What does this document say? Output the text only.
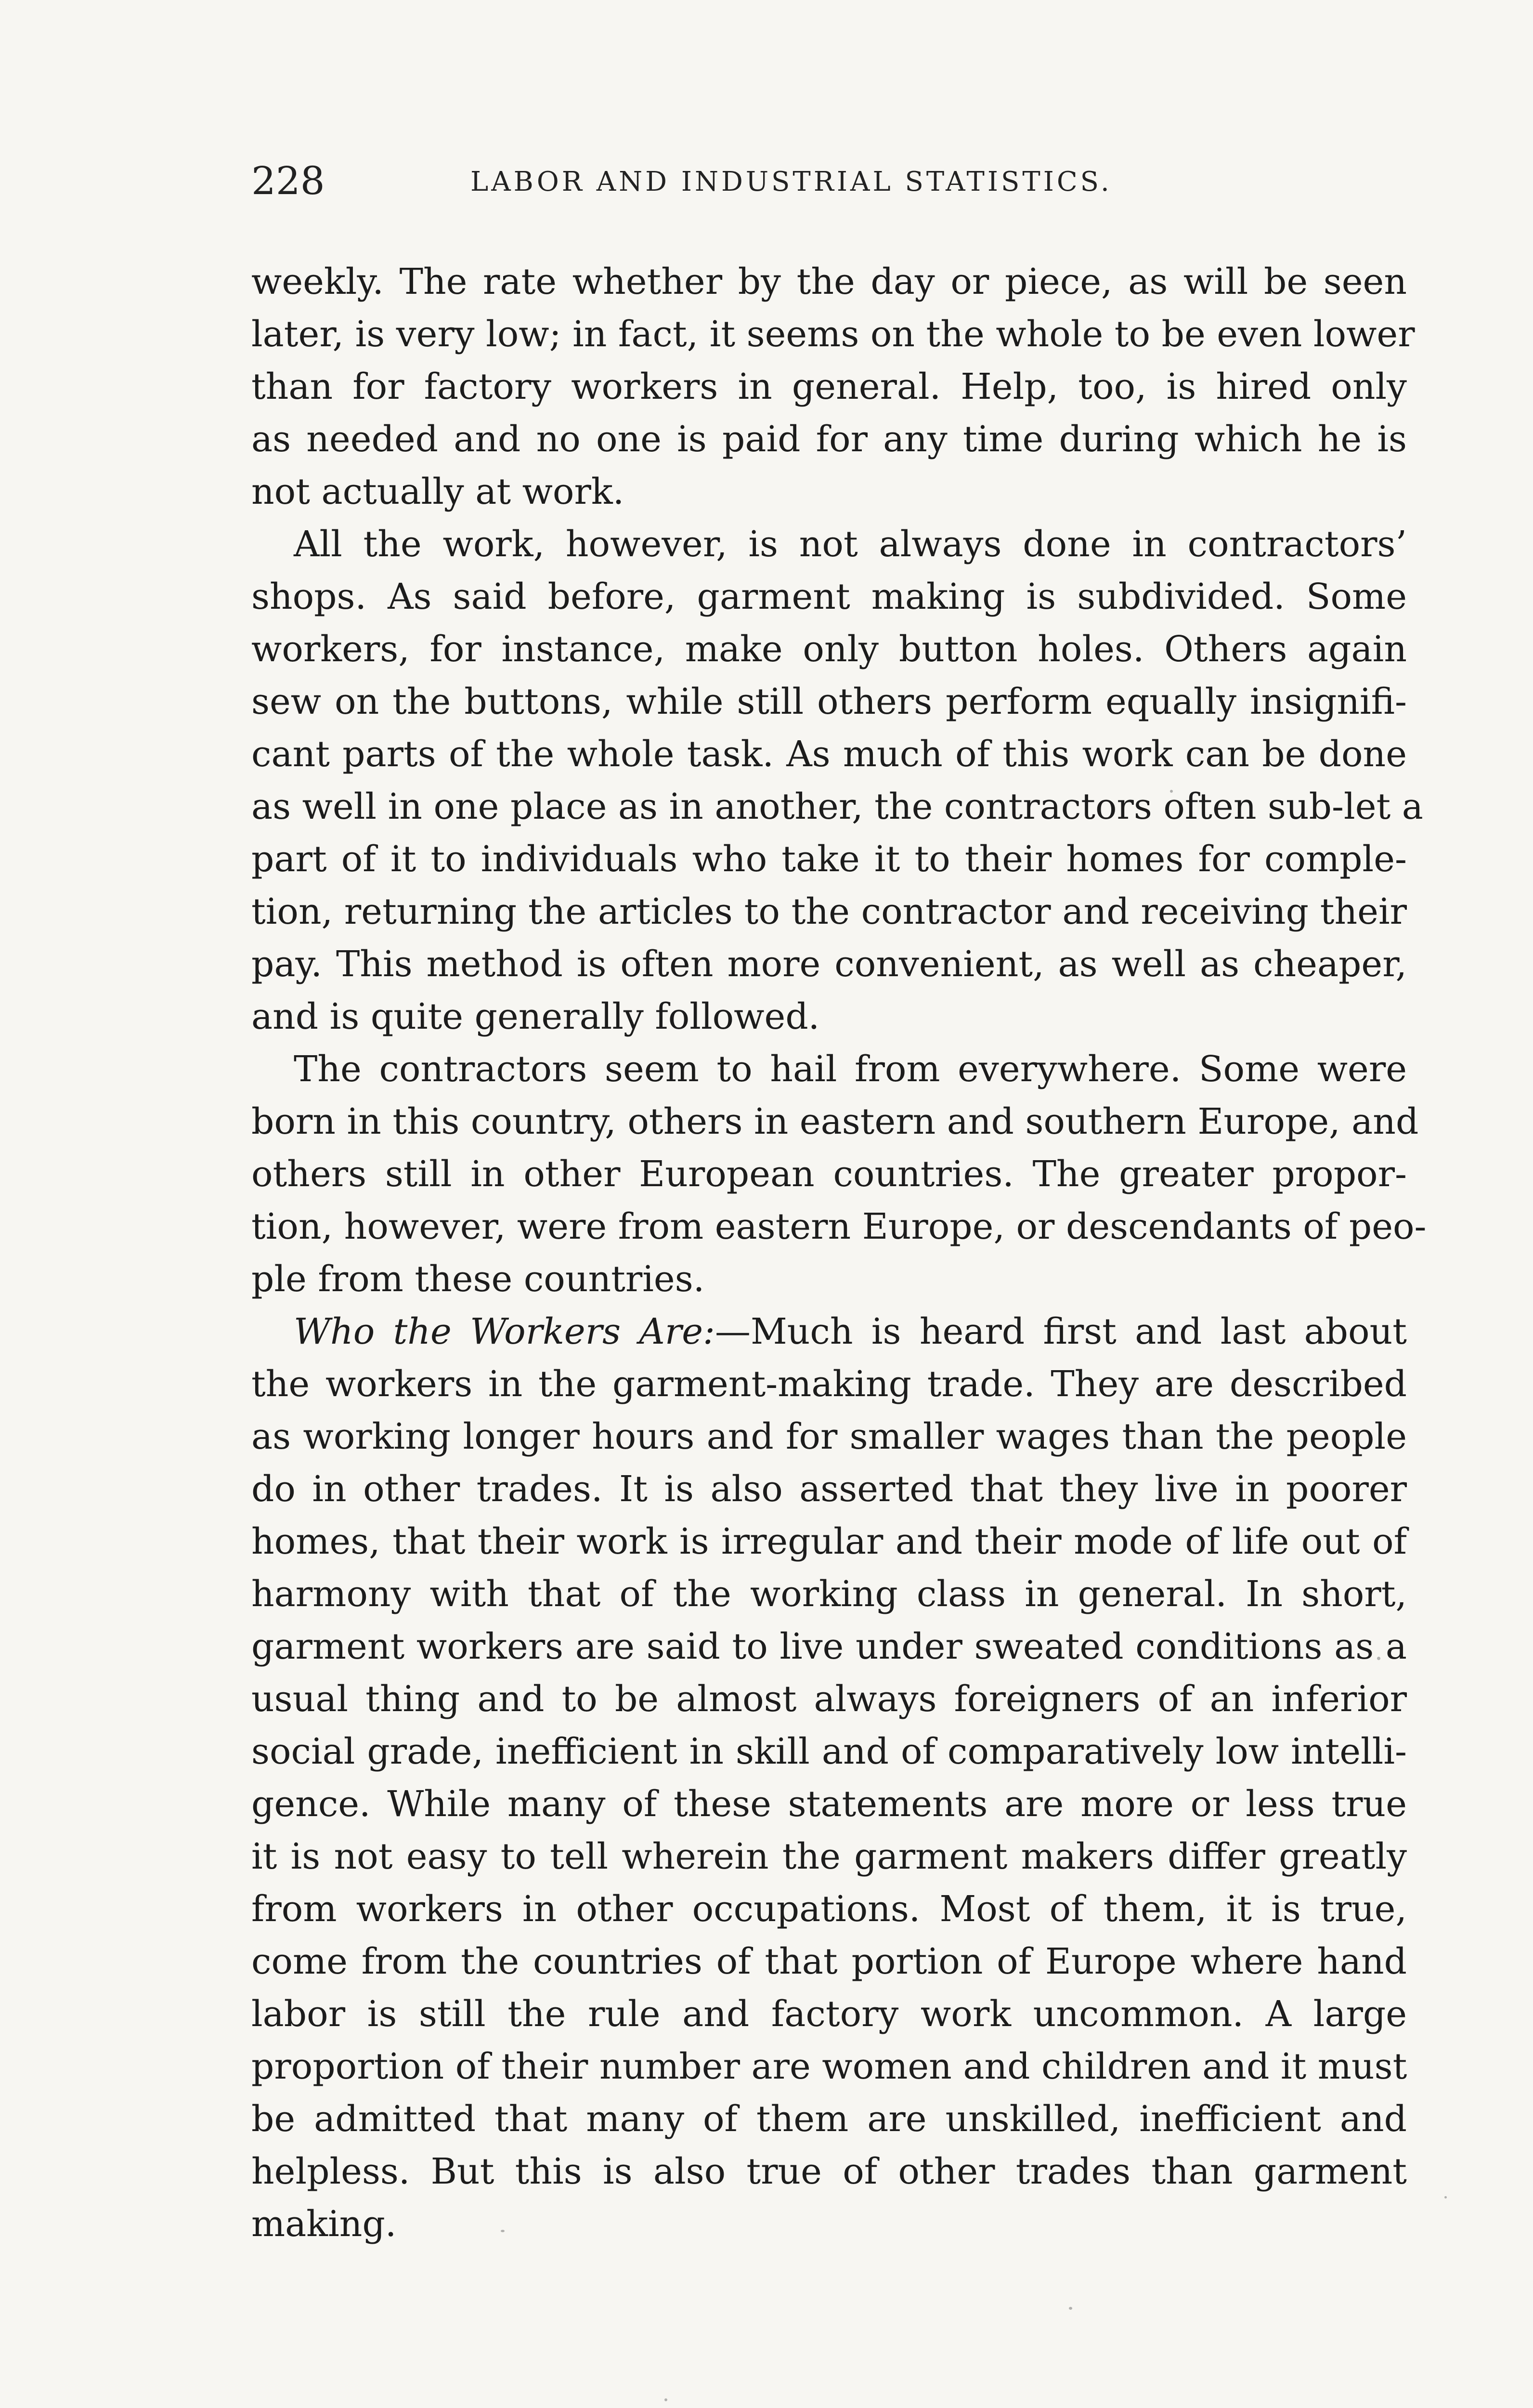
228	LABOR AND INDUSTRIAL STATISTICS.
weekly. The rate whether by the day or piece, as will be seen
later, is very low; in fact, it seems on the whole to be even lower
than for factory workers in general. Help, too, is hired only
as needed and no one is paid for any time during which he is
not actually at work.
All the work, however, is not always done in contractors’
shops. As said before, garment making is subdivided. Some
workers, for instance, make only button holes. Others again
sew on the buttons, while still others perform equally insignifi-
cant parts of the whole task. As much of this work can be done
as well in one place as in another, the contractors often sub-let a
part of it to individuals who take it to their homes for comple-
tion, returning the articles to the contractor and receiving their
pay. This method is often more convenient, as well as cheaper,
and is quite generally followed.
The contractors seem to hail from everywhere. Some were
born in this country, others in eastern and southern Europe, and
others still in other European countries. The greater propor-
tion, however, were from eastern Europe, or descendants of peo-
ple from these countries.
Who the Workers Are:—Much is heard first and last about
the workers in the garment-making trade. They are described
as working longer hours and for smaller wages than the people
do in other trades. It is also asserted that they live in poorer
homes, that their work is irregular and their mode of life out of
harmony with that of the working class in general. In short,
garment workers are said to live under sweated conditions as a
usual thing and to be almost always foreigners of an inferior
social grade, inefficient in skill and of comparatively low intelli-
gence. While many of these statements are more or less true
it is not easy to tell wherein the garment makers differ greatly
from workers in other occupations. Most of them, it is true,
come from the countries of that portion of Europe where hand
labor is still the rule and factory work uncommon. A large
proportion of their number are women and children and it must
be admitted that many of them are unskilled, inefficient and
helpless. But this is also true of other trades than garment
making.
